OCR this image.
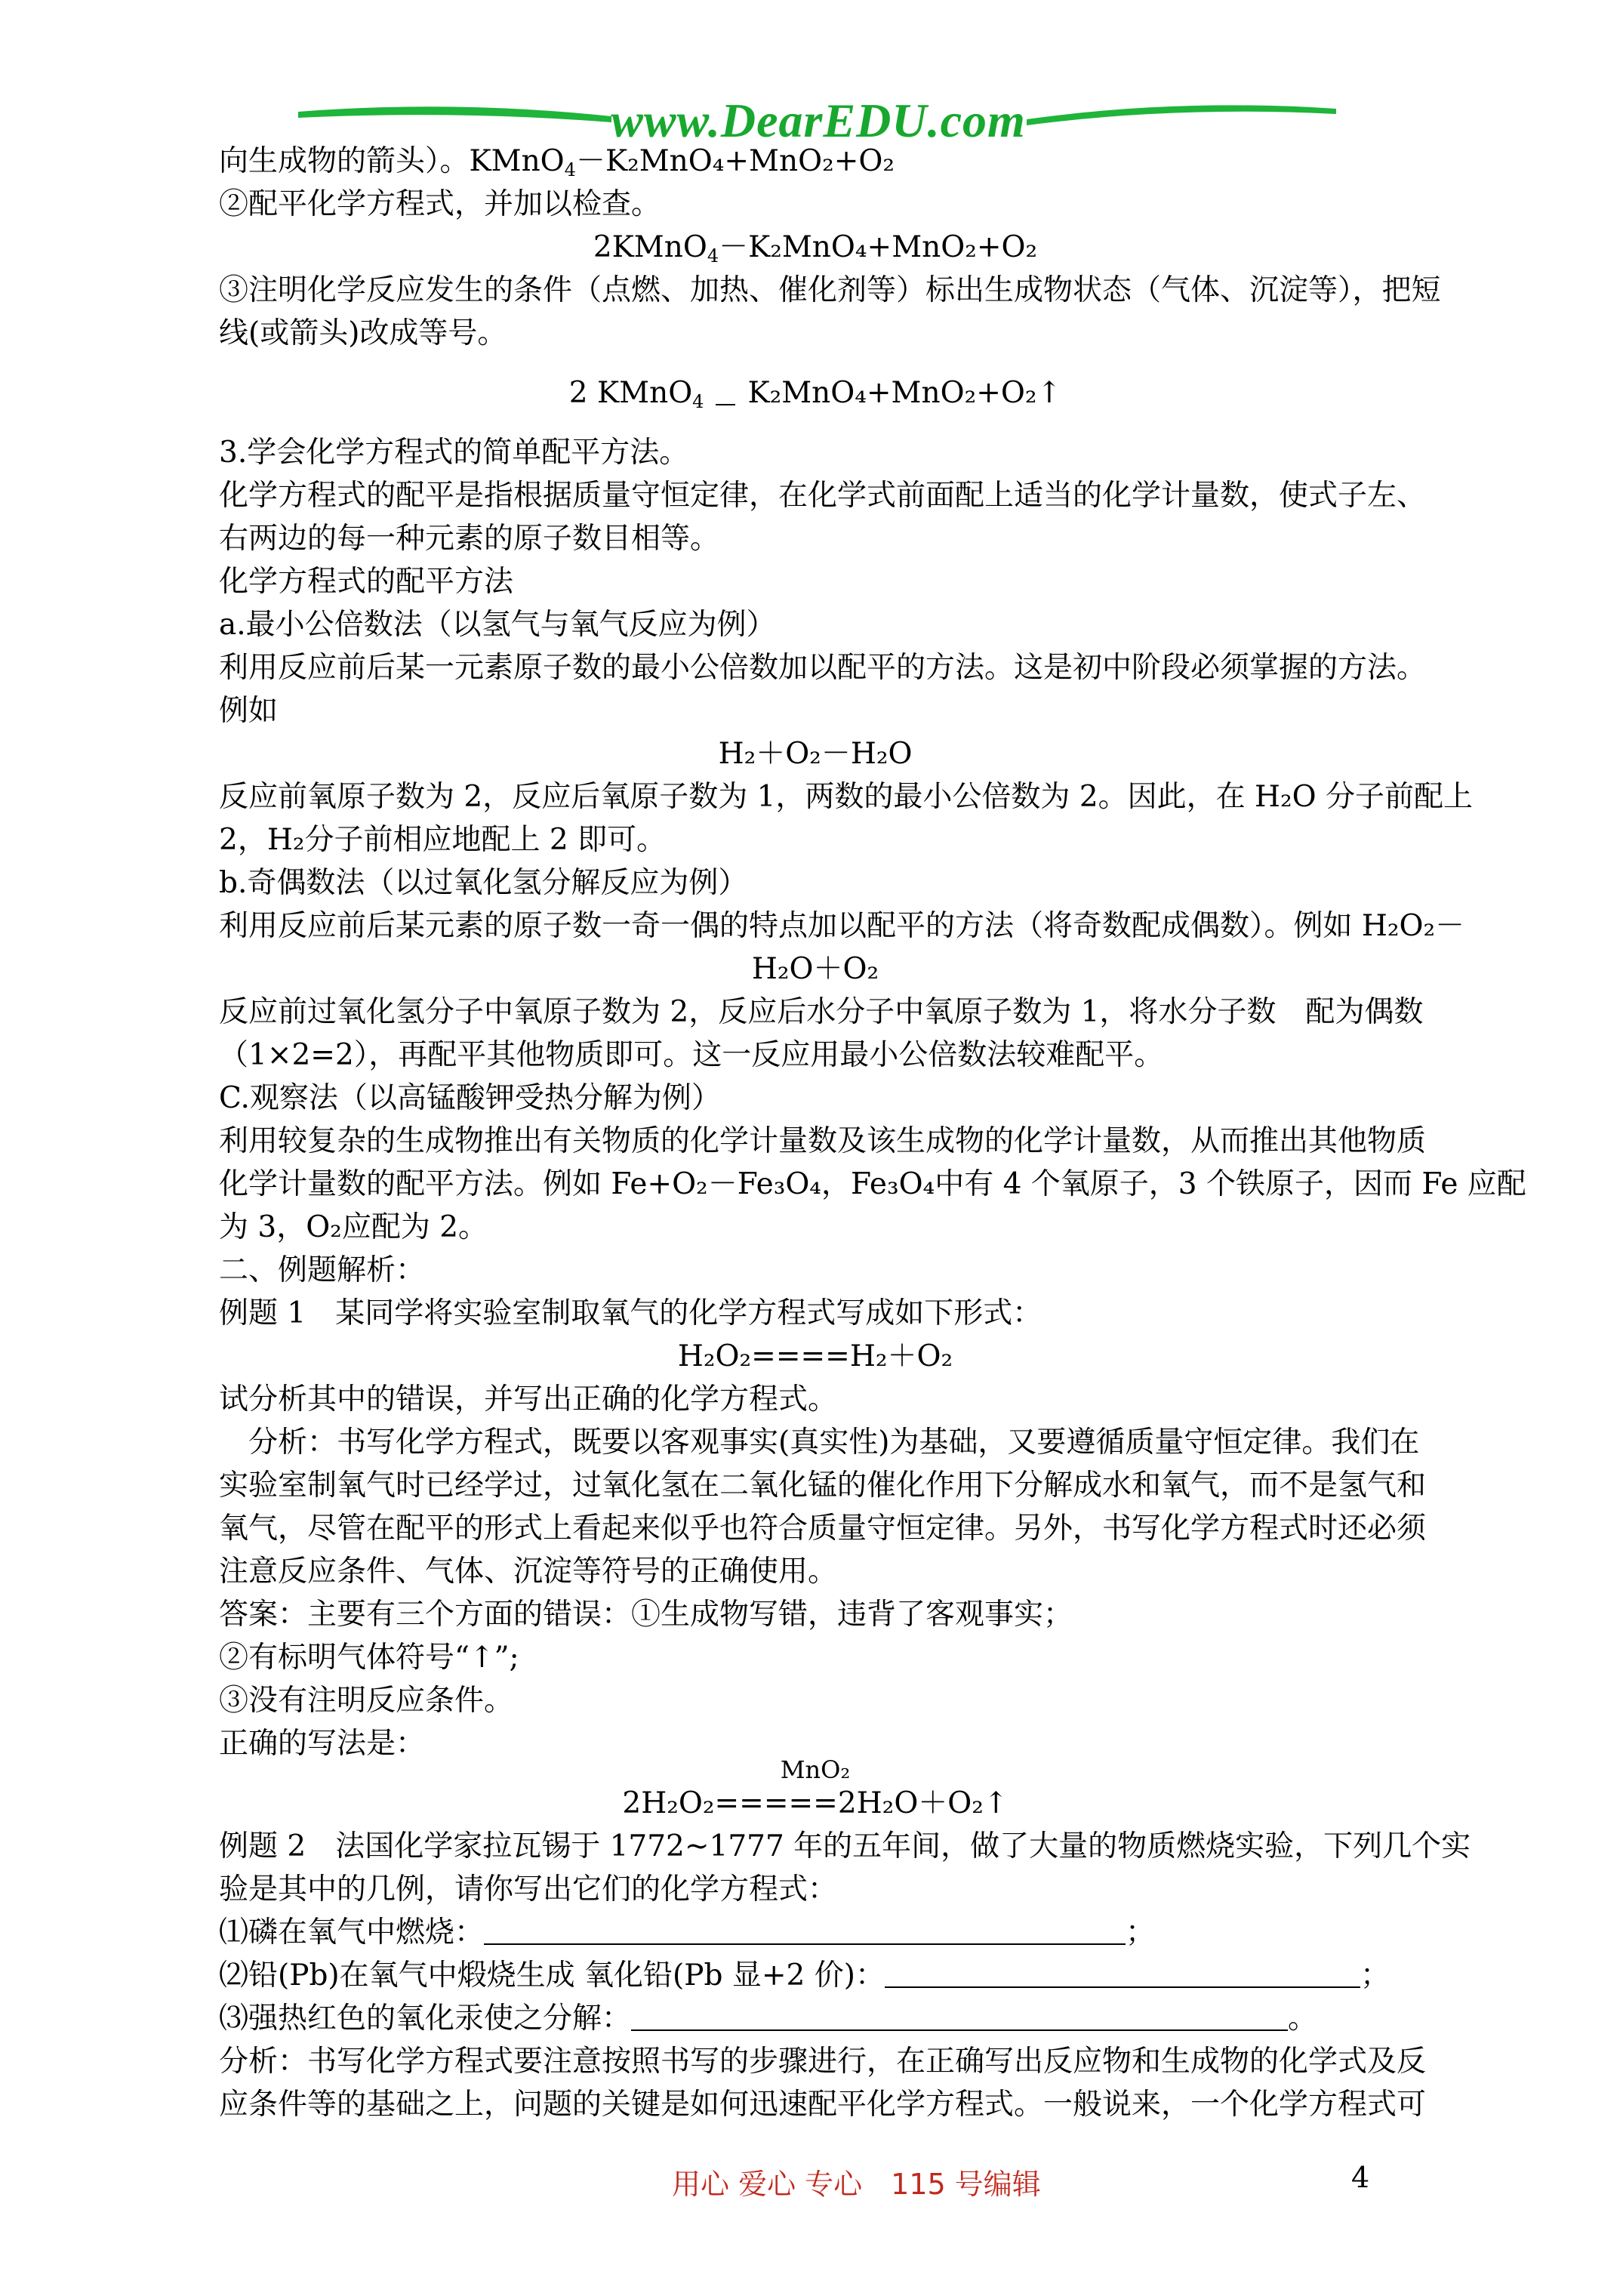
www.DearEDU.com
向生成物的箭头）。KMnO$_4$－K₂MnO₄+MnO₂+O₂
②配平化学方程式，并加以检查。
2KMnO$_4$－K₂MnO₄+MnO₂+O₂
③注明化学反应发生的条件（点燃、加热、催化剂等）标出生成物状态（气体、沉淀等），把短
线(或箭头)改成等号。
2 KMnO$_4$ K₂MnO₄+MnO₂+O₂↑
3.学会化学方程式的简单配平方法。
化学方程式的配平是指根据质量守恒定律，在化学式前面配上适当的化学计量数，使式子左、
右两边的每一种元素的原子数目相等。
化学方程式的配平方法
a.最小公倍数法（以氢气与氧气反应为例）
利用反应前后某一元素原子数的最小公倍数加以配平的方法。这是初中阶段必须掌握的方法。
例如
H₂＋O₂－H₂O
反应前氧原子数为 2，反应后氧原子数为 1，两数的最小公倍数为 2。因此，在 H₂O 分子前配上
2，H₂分子前相应地配上 2 即可。
b.奇偶数法（以过氧化氢分解反应为例）
利用反应前后某元素的原子数一奇一偶的特点加以配平的方法（将奇数配成偶数）。例如 H₂O₂－
H₂O＋O₂
反应前过氧化氢分子中氧原子数为 2，反应后水分子中氧原子数为 1，将水分子数　配为偶数
（1×2=2），再配平其他物质即可。这一反应用最小公倍数法较难配平。
C.观察法（以高锰酸钾受热分解为例）
利用较复杂的生成物推出有关物质的化学计量数及该生成物的化学计量数，从而推出其他物质
化学计量数的配平方法。例如 Fe+O₂－Fe₃O₄，Fe₃O₄中有 4 个氧原子，3 个铁原子，因而 Fe 应配
为 3，O₂应配为 2。
二、例题解析：
例题 1　某同学将实验室制取氧气的化学方程式写成如下形式：
H₂O₂====H₂＋O₂
试分析其中的错误，并写出正确的化学方程式。
　分析：书写化学方程式，既要以客观事实(真实性)为基础，又要遵循质量守恒定律。我们在
实验室制氧气时已经学过，过氧化氢在二氧化锰的催化作用下分解成水和氧气，而不是氢气和
氧气，尽管在配平的形式上看起来似乎也符合质量守恒定律。另外，书写化学方程式时还必须
注意反应条件、气体、沉淀等符号的正确使用。
答案：主要有三个方面的错误：①生成物写错，违背了客观事实；
②有标明气体符号“↑”;
③没有注明反应条件。
正确的写法是：
MnO₂
2H₂O₂=====2H₂O＋O₂↑
例题 2　法国化学家拉瓦锡于 1772~1777 年的五年间，做了大量的物质燃烧实验，下列几个实
验是其中的几例，请你写出它们的化学方程式：
⑴磷在氧气中燃烧：	；
⑵铅(Pb)在氧气中煅烧生成 氧化铅(Pb 显+2 价)：	；
⑶强热红色的氧化汞使之分解：	。
分析：书写化学方程式要注意按照书写的步骤进行，在正确写出反应物和生成物的化学式及反
应条件等的基础之上，问题的关键是如何迅速配平化学方程式。一般说来，一个化学方程式可
用心 爱心 专心　115 号编辑	4
